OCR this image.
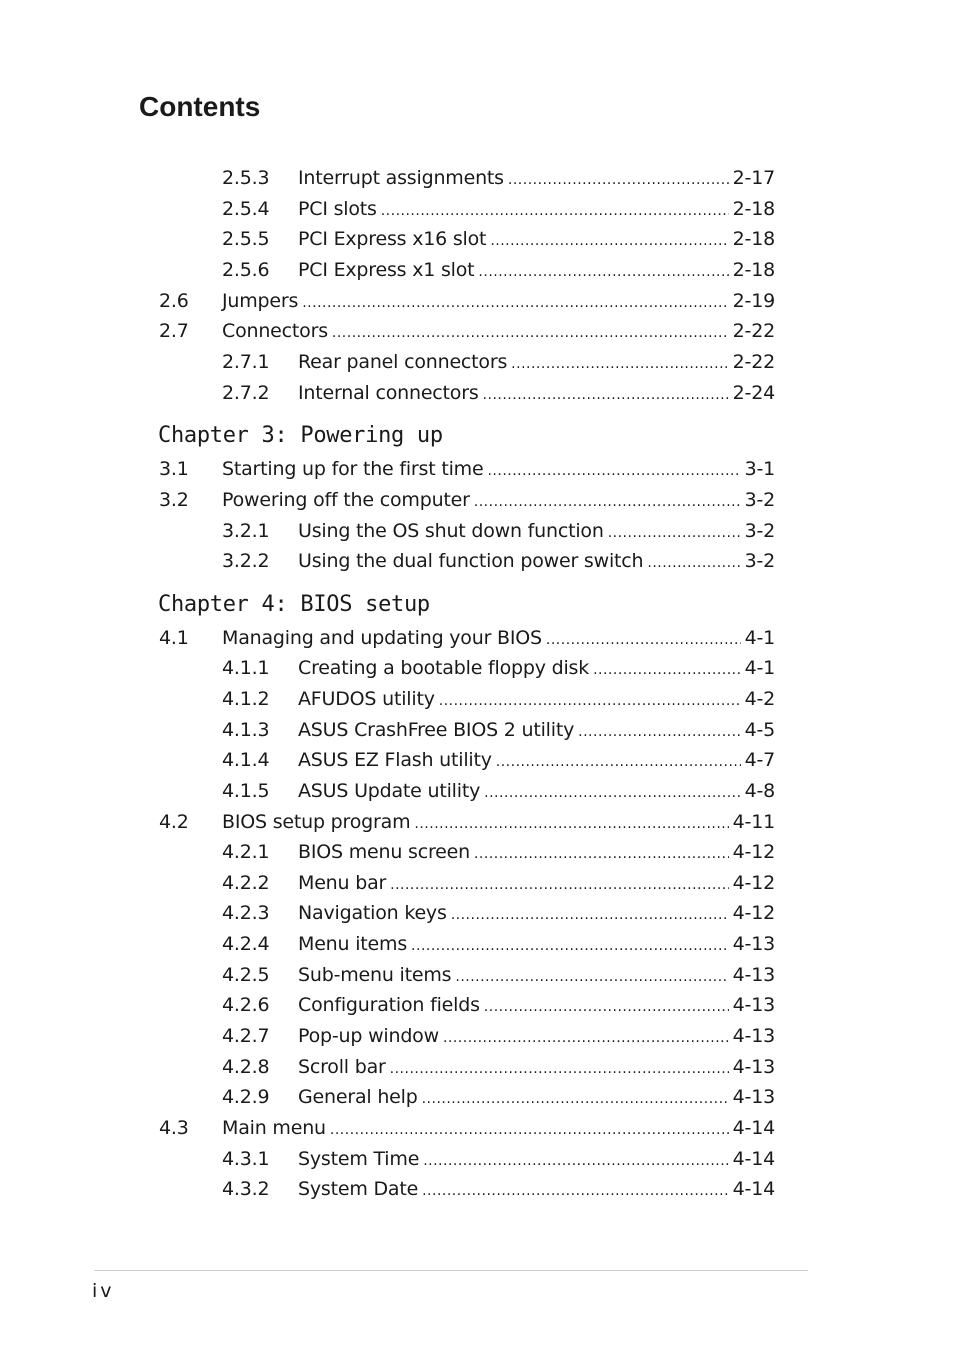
Contents
2.5.3	Interrupt assignments .....	2-17
2.5.4	PCI slots .....	2-18
2.5.5	PCI Express x16 slot .....	2-18
2.5.6	PCI Express x1 slot .....	2-18
2.6	Jumpers .....	2-19
2.7	Connectors .....	2-22
2.7.1	Rear panel connectors .....	2-22
2.7.2	Internal connectors .....	2-24
Chapter 3: Powering up
3.1	Starting up for the first time .....	3-1
3.2	Powering off the computer .....	3-2
3.2.1	Using the OS shut down function .....	3-2
3.2.2	Using the dual function power switch .....	3-2
Chapter 4: BIOS setup
4.1	Managing and updating your BIOS .....	4-1
4.1.1	Creating a bootable floppy disk .....	4-1
4.1.2	AFUDOS utility .....	4-2
4.1.3	ASUS CrashFree BIOS 2 utility .....	4-5
4.1.4	ASUS EZ Flash utility .....	4-7
4.1.5	ASUS Update utility .....	4-8
4.2	BIOS setup program .....	4-11
4.2.1	BIOS menu screen .....	4-12
4.2.2	Menu bar .....	4-12
4.2.3	Navigation keys .....	4-12
4.2.4	Menu items .....	4-13
4.2.5	Sub-menu items .....	4-13
4.2.6	Configuration fields .....	4-13
4.2.7	Pop-up window .....	4-13
4.2.8	Scroll bar .....	4-13
4.2.9	General help .....	4-13
4.3	Main menu .....	4-14
4.3.1	System Time .....	4-14
4.3.2	System Date .....	4-14
iv
